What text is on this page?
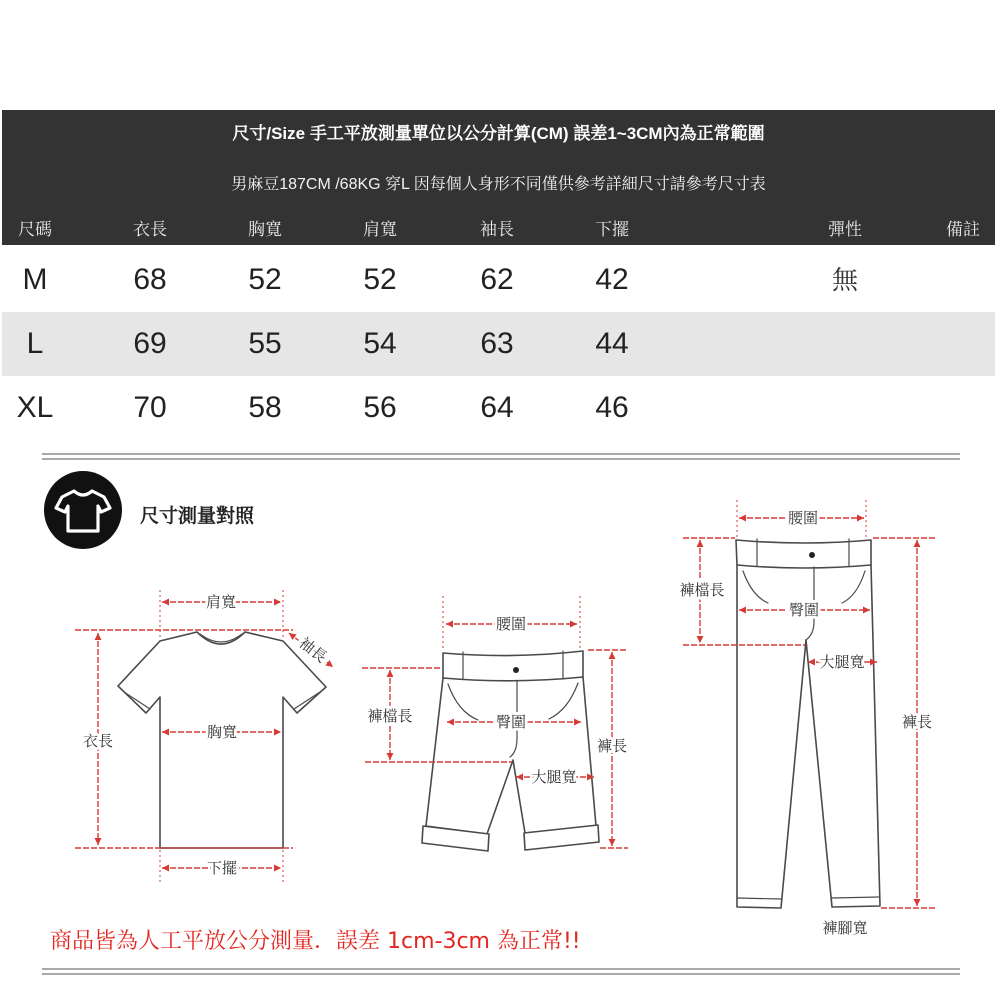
尺寸/Size 手工平放測量單位以公分計算(CM) 誤差1~3CM內為正常範圍
男麻豆187CM /68KG 穿L 因每個人身形不同僅供參考詳細尺寸請參考尺寸表
尺碼	衣長	胸寬	肩寬	袖長	下擺	彈性	備註
M	68	52	52	62	42	無
L	69	55	54	63	44
XL	70	58	56	64	46
尺寸測量對照
肩寬
袖長
衣長	胸寬
下擺
腰圍
褲檔長	臀圍
褲長
大腿寬
腰圍
褲檔長
臀圍
大腿寬
褲長
褲腳寬
商品皆為人工平放公分測量．誤差 1cm-3cm 為正常!!
